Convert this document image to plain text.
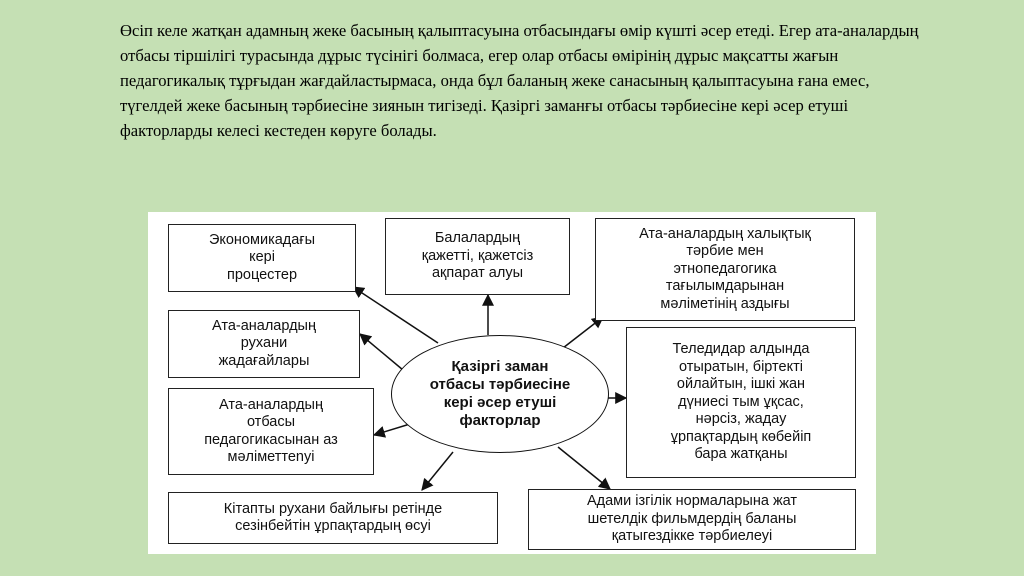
Өсіп келе жатқан адамның жеке басының қалыптасуына отбасындағы өмір күшті әсер етеді. Егер ата-аналардың отбасы тіршілігі турасында дұрыс түсінігі болмаса, егер олар отбасы өмірінің дұрыс мақсатты жағын педагогикалық тұрғыдан жағдайластырмаса, онда бұл баланың жеке санасының қалыптасуына ғана емес, түгелдей жеке басының тәрбиесіне зиянын тигізеді. Қазіргі заманғы отбасы тәрбиесіне кері әсер етуші факторларды келесі кестеден көруге болады.

Экономикадағы
кері
процестер
Балалардың
қажетті, қажетсіз
ақпарат алуы
Ата-аналардың халықтық
тәрбие мен
этнопедагогика
тағылымдарынан
мәліметінің аздығы
Ата-аналардың
рухани
жадағайлары
Ата-аналардың
отбасы
педагогикасынан аз
мәліметтеnуі
Теледидар алдында
отыратын, біртекті
ойлайтын, ішкі жан
дүниесі тым ұқсас,
нәрсіз, жадау
ұрпақтардың көбейіп
бара жатқаны
Кітапты рухани байлығы ретінде
сезінбейтін ұрпақтардың өсуі
Адами ізгілік нормаларына жат
шетелдік фильмдердің баланы
қатыгездікке тәрбиелеуі
Қазіргі заман
отбасы тәрбиесіне
кері әсер етуші
факторлар
